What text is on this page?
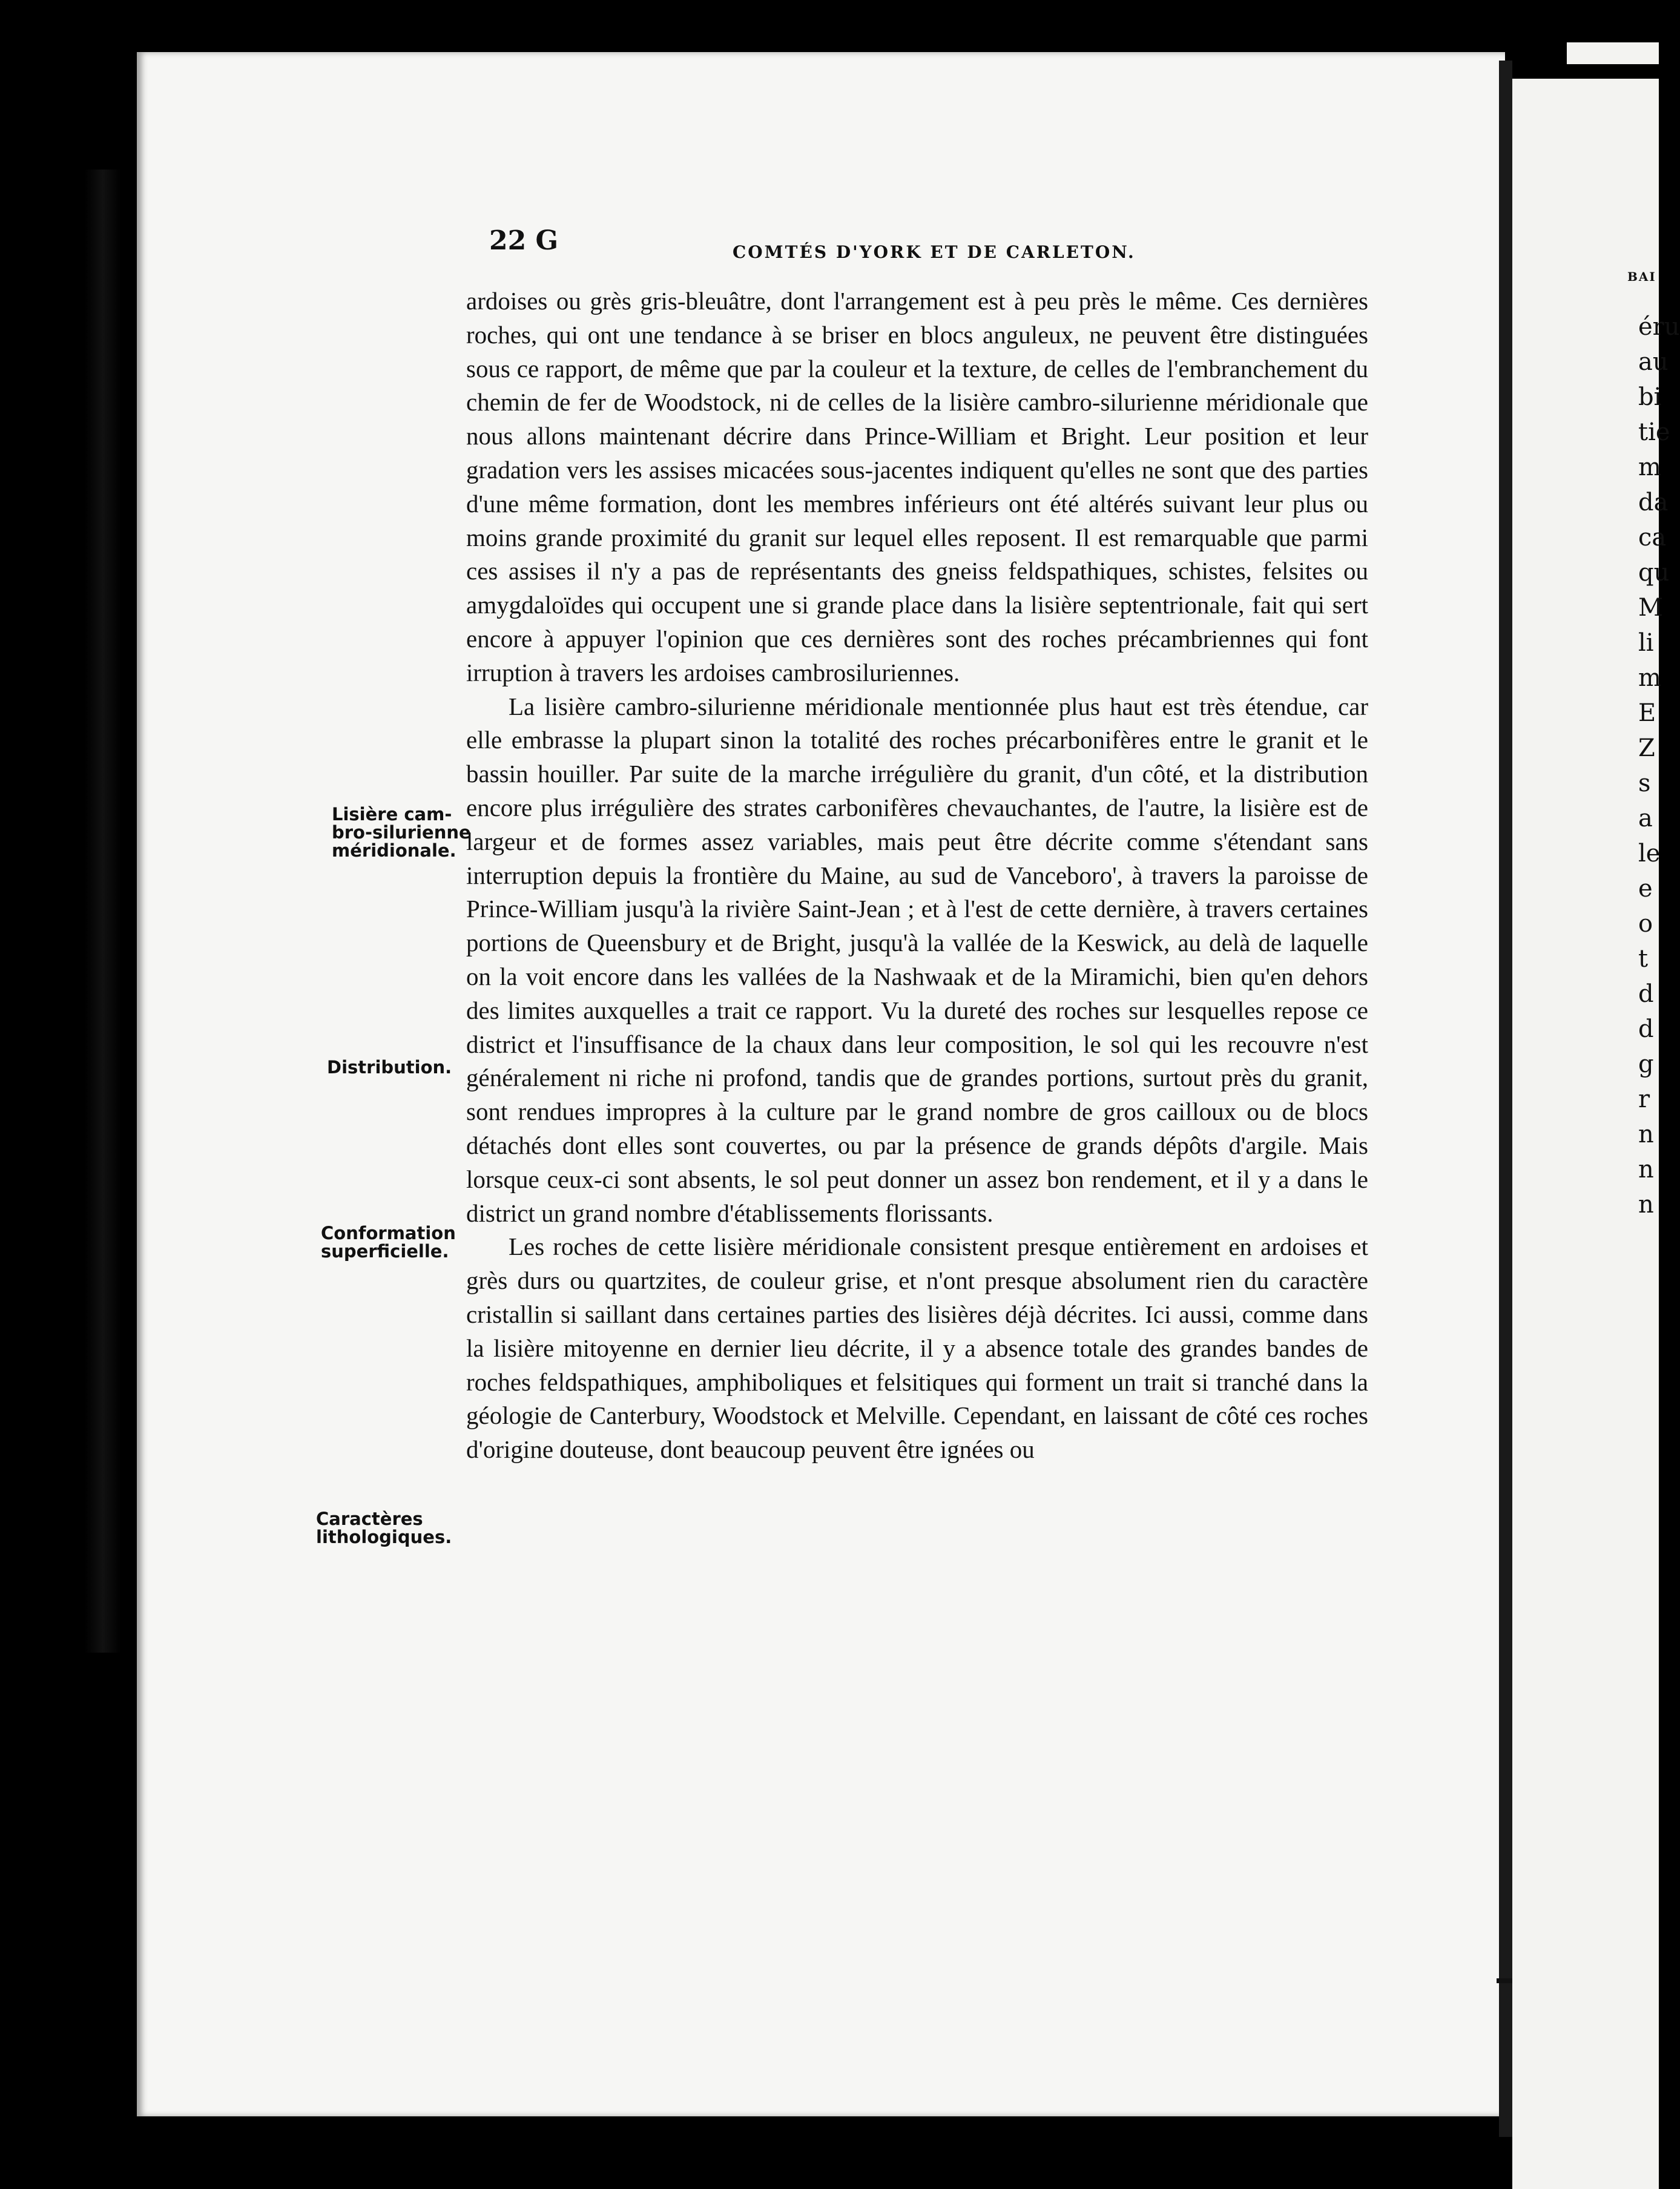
22 G	COMTÉS D'YORK ET DE CARLETON.

ardoises ou grès gris-bleuâtre, dont l'arrangement est à peu près le même. Ces dernières roches, qui ont une tendance à se briser en blocs anguleux, ne peuvent être distinguées sous ce rapport, de même que par la couleur et la texture, de celles de l'embranchement du chemin de fer de Woodstock, ni de celles de la lisière cambro-silurienne méridionale que nous allons maintenant décrire dans Prince-William et Bright. Leur position et leur gradation vers les assises micacées sous-jacentes indiquent qu'elles ne sont que des parties d'une même formation, dont les membres inférieurs ont été altérés suivant leur plus ou moins grande proximité du granit sur lequel elles reposent. Il est remarquable que parmi ces assises il n'y a pas de représentants des gneiss feldspathiques, schistes, felsites ou amygdaloïdes qui occupent une si grande place dans la lisière septentrionale, fait qui sert encore à appuyer l'opinion que ces dernières sont des roches précambriennes qui font irruption à travers les ardoises cambrosiluriennes.

La lisière cambro-silurienne méridionale mentionnée plus haut est très étendue, car elle embrasse la plupart sinon la totalité des roches précarbonifères entre le granit et le bassin houiller. Par suite de la marche irrégulière du granit, d'un côté, et la distribution encore plus irrégulière des strates carbonifères chevauchantes, de l'autre, la lisière est de largeur et de formes assez variables, mais peut être décrite comme s'étendant sans interruption depuis la frontière du Maine, au sud de Vanceboro', à travers la paroisse de Prince-William jusqu'à la rivière Saint-Jean ; et à l'est de cette dernière, à travers certaines portions de Queensbury et de Bright, jusqu'à la vallée de la Keswick, au delà de laquelle on la voit encore dans les vallées de la Nashwaak et de la Miramichi, bien qu'en dehors des limites auxquelles a trait ce rapport. Vu la dureté des roches sur lesquelles repose ce district et l'insuffisance de la chaux dans leur composition, le sol qui les recouvre n'est généralement ni riche ni profond, tandis que de grandes portions, surtout près du granit, sont rendues impropres à la culture par le grand nombre de gros cailloux ou de blocs détachés dont elles sont couvertes, ou par la présence de grands dépôts d'argile. Mais lorsque ceux-ci sont absents, le sol peut donner un assez bon rendement, et il y a dans le district un grand nombre d'établissements florissants.

Les roches de cette lisière méridionale consistent presque entièrement en ardoises et grès durs ou quartzites, de couleur grise, et n'ont presque absolument rien du caractère cristallin si saillant dans certaines parties des lisières déjà décrites. Ici aussi, comme dans la lisière mitoyenne en dernier lieu décrite, il y a absence totale des grandes bandes de roches feldspathiques, amphiboliques et felsitiques qui forment un trait si tranché dans la géologie de Canterbury, Woodstock et Melville. Cependant, en laissant de côté ces roches d'origine douteuse, dont beaucoup peuvent être ignées ou

Lisière cam-
bro-silurienne
méridionale.
Distribution.
Conformation
superficielle.
Caractères
lithologiques.
BAI
éru
au
bi
tie
m
da
ca
qu
M
li
m
E
Z
s
a
le
e
o
t
d
d
g
r
n
n
n
